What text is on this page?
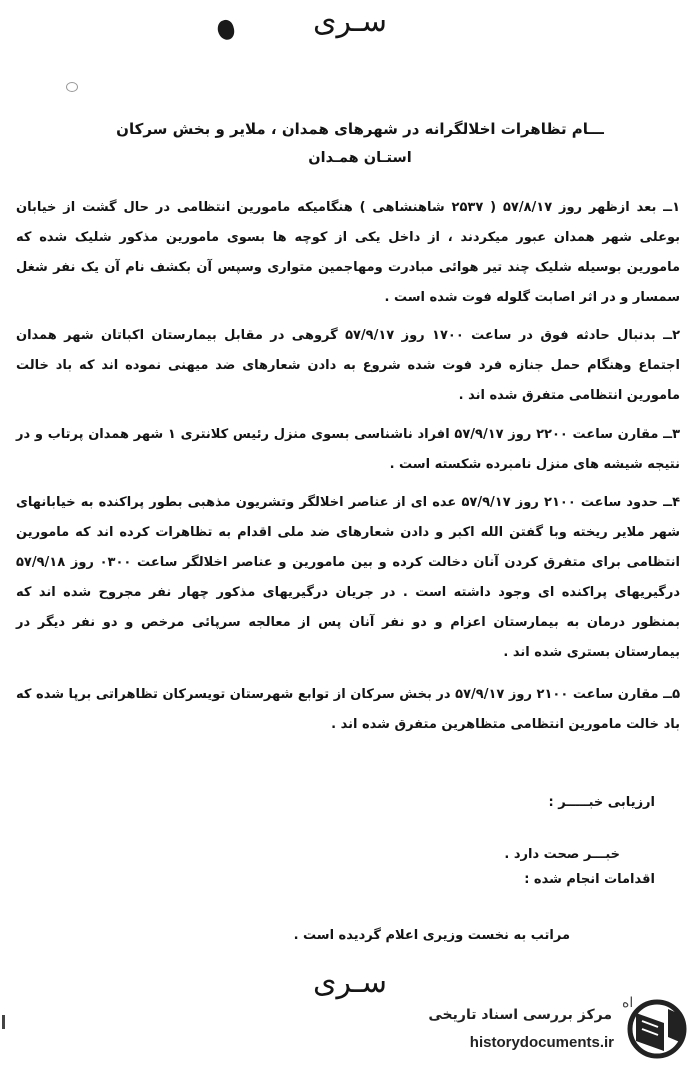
سـری
ـــام تظاهرات اخلالگرانه در شهرهای همدان ، ملایر و بخش سرکان
استـان همـدان
۱ــ بعد ازظهر روز ۵۷/۸/۱۷ ( ۲۵۳۷ شاهنشاهی ) هنگامیکه مامورین انتظامی در حال گشت از خیابان بوعلی شهر همدان عبور میکردند ، از داخل یکی از کوچه ها بسوی مامورین مذکور شلیک شده که مامورین بوسیله شلیک چند تیر هوائی مبادرت ومهاجمین متواری وسپس آن بکشف نام آن یک نفر شغل سمسار و در اثر اصابت گلوله فوت شده است .
۲ــ بدنبال حادثه فوق در ساعت ۱۷۰۰ روز ۵۷/۹/۱۷ گروهی در مقابل بیمارستان اکباتان شهر همدان اجتماع وهنگام حمل جنازه فرد فوت شده شروع به دادن شعارهای ضد میهنی نموده اند که باد خالت مامورین انتظامی متفرق شده اند .
۳ــ مقارن ساعت ۲۲۰۰ روز ۵۷/۹/۱۷ افراد ناشناسی بسوی منزل رئیس کلانتری ۱ شهر همدان پرتاب و در نتیجه شیشه های منزل نامبرده شکسته است .
۴ــ حدود ساعت ۲۱۰۰ روز ۵۷/۹/۱۷ عده ای از عناصر اخلالگر وتشریون مذهبی بطور پراکنده به خیابانهای شهر ملایر ریخته وبا گفتن الله اکبر و دادن شعارهای ضد ملی اقدام به تظاهرات کرده اند که مامورین انتظامی برای متفرق کردن آنان دخالت کرده و بین مامورین و عناصر اخلالگر ساعت ۰۳۰۰ روز ۵۷/۹/۱۸ درگیریهای پراکنده ای وجود داشته است . در جریان درگیریهای مذکور چهار نفر مجروح شده اند که بمنظور درمان به بیمارستان اعزام و دو نفر آنان پس از معالجه سرپائی مرخص و دو نفر دیگر در بیمارستان بستری شده اند .
۵ــ مقارن ساعت ۲۱۰۰ روز ۵۷/۹/۱۷ در بخش سرکان از توابع شهرستان تویسرکان تظاهراتی برپا شده که باد خالت مامورین انتظامی متظاهرین متفرق شده اند .
ارزیابی خبـــــر :
خبـــر صحت دارد .
اقدامات انجام شده :
مراتب به نخست وزیری اعلام گردیده است .
سـری
اه
مرکز بررسی اسناد تاریخی
historydocuments.ir
